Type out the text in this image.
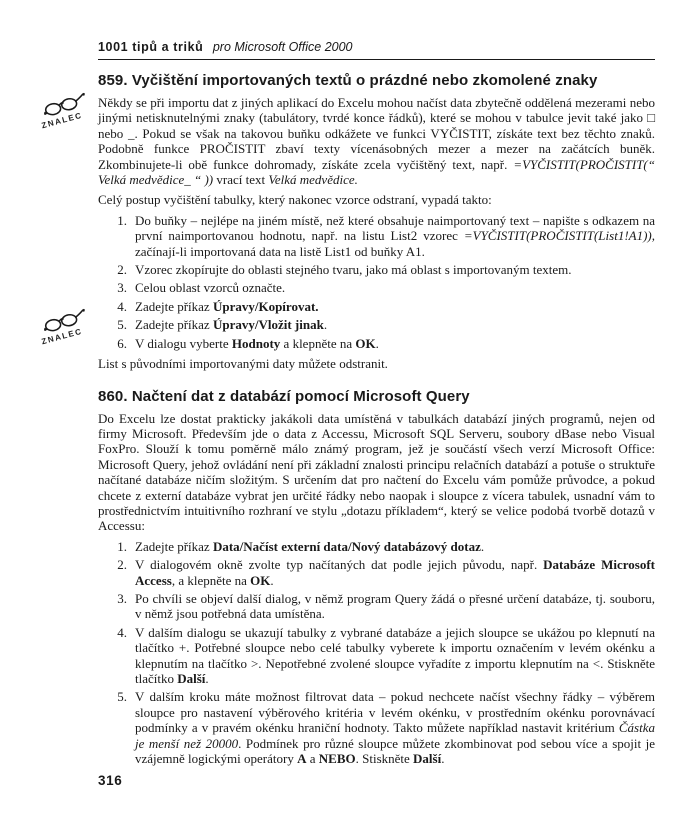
ZNALEC
ZNALEC
1001 tipů a triků pro Microsoft Office 2000
859. Vyčištění importovaných textů o prázdné nebo zkomolené znaky

Někdy se při importu dat z jiných aplikací do Excelu mohou načíst data zbytečně oddělená mezerami nebo jinými netisknutelnými znaky (tabulátory, tvrdé konce řádků), které se mohou v tabulce jevit také jako □ nebo _. Pokud se však na takovou buňku odkážete ve funkci VYČISTIT, získáte text bez těchto znaků. Podobně funkce PROČISTIT zbaví texty vícenásobných mezer a mezer na začátcích buněk. Zkombinujete-li obě funkce dohromady, získáte zcela vyčištěný text, např. =VYČISTIT(PROČISTIT(“ Velká medvědice_ “ )) vrací text Velká medvědice.

Celý postup vyčištění tabulky, který nakonec vzorce odstraní, vypadá takto:

1. Do buňky – nejlépe na jiném místě, než které obsahuje naimportovaný text – napište s odkazem na první naimportovanou hodnotu, např. na listu List2 vzorec =VYČISTIT(PROČISTIT(List1!A1)), začínají-li importovaná data na listě List1 od buňky A1.
2. Vzorec zkopírujte do oblasti stejného tvaru, jako má oblast s importovaným textem.
3. Celou oblast vzorců označte.
4. Zadejte příkaz Úpravy/Kopírovat.
5. Zadejte příkaz Úpravy/Vložit jinak.
6. V dialogu vyberte Hodnoty a klepněte na OK.

List s původními importovanými daty můžete odstranit.

860. Načtení dat z databází pomocí Microsoft Query

Do Excelu lze dostat prakticky jakákoli data umístěná v tabulkách databází jiných programů, nejen od firmy Microsoft. Především jde o data z Accessu, Microsoft SQL Serveru, soubory dBase nebo Visual FoxPro. Slouží k tomu poměrně málo známý program, jež je součástí všech verzí Microsoft Office: Microsoft Query, jehož ovládání není při základní znalosti principu relačních databází a potuše o struktuře načítané databáze ničím složitým. S určením dat pro načtení do Excelu vám pomůže průvodce, a pokud chcete z externí databáze vybrat jen určité řádky nebo naopak i sloupce z vícera tabulek, usnadní vám to prostřednictvím intuitivního rozhraní ve stylu „dotazu příkladem“, který se velice podobá tvorbě dotazů v Accessu:

1. Zadejte příkaz Data/Načíst externí data/Nový databázový dotaz.
2. V dialogovém okně zvolte typ načítaných dat podle jejich původu, např. Databáze Microsoft Access, a klepněte na OK.
3. Po chvíli se objeví další dialog, v němž program Query žádá o přesné určení databáze, tj. souboru, v němž jsou potřebná data umístěna.
4. V dalším dialogu se ukazují tabulky z vybrané databáze a jejich sloupce se ukážou po klepnutí na tlačítko +. Potřebné sloupce nebo celé tabulky vyberete k importu označením v levém okénku a klepnutím na tlačítko >. Nepotřebné zvolené sloupce vyřadíte z importu klepnutím na <. Stiskněte tlačítko Další.
5. V dalším kroku máte možnost filtrovat data – pokud nechcete načíst všechny řádky – výběrem sloupce pro nastavení výběrového kritéria v levém okénku, v prostředním okénku porovnávací podmínky a v pravém okénku hraniční hodnoty. Takto můžete například nastavit kritérium Částka je menší než 20000. Podmínek pro různé sloupce můžete zkombinovat pod sebou více a spojit je vzájemně logickými operátory A a NEBO. Stiskněte Další.
316
